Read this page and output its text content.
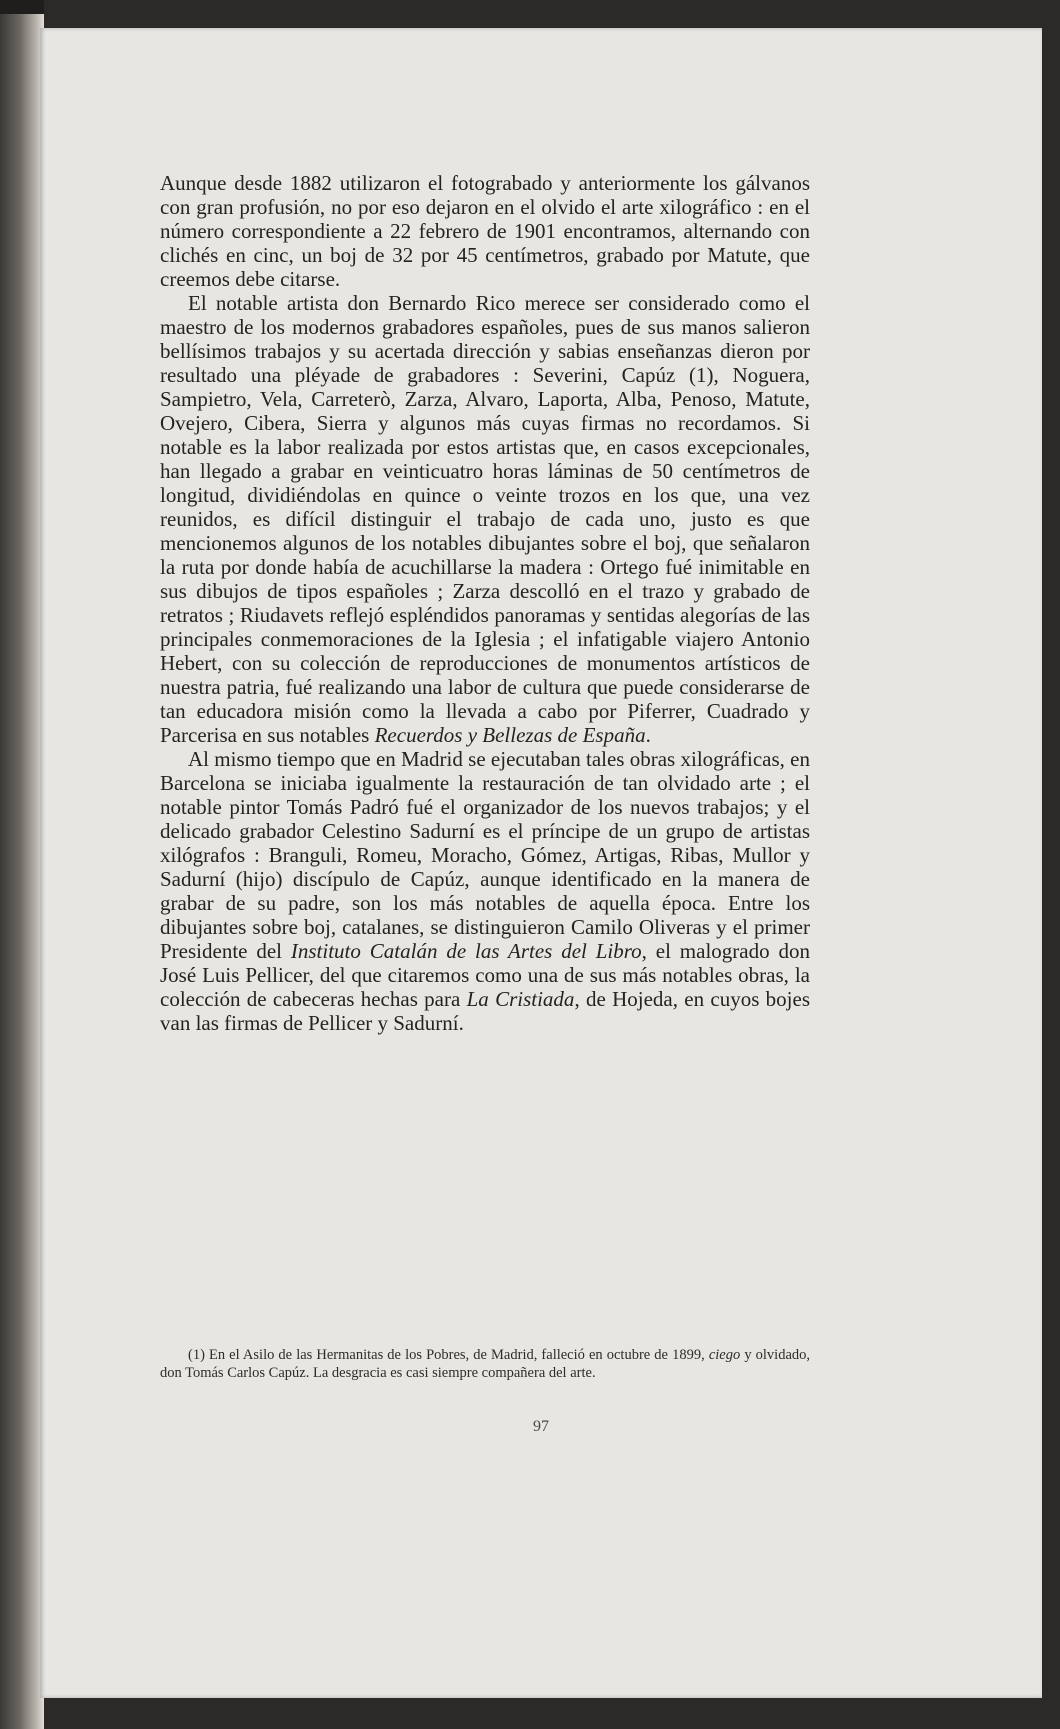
Aunque desde 1882 utilizaron el fotograbado y anteriormente los gálvanos con gran profusión, no por eso dejaron en el olvido el arte xilográfico : en el número correspondiente a 22 febrero de 1901 encontramos, alternando con clichés en cinc, un boj de 32 por 45 centímetros, grabado por Matute, que creemos debe citarse.

El notable artista don Bernardo Rico merece ser considerado como el maestro de los modernos grabadores españoles, pues de sus manos salieron bellísimos trabajos y su acertada dirección y sabias enseñanzas dieron por resultado una pléyade de grabadores : Severini, Capúz (1), Noguera, Sampietro, Vela, Carreterò, Zarza, Alvaro, Laporta, Alba, Penoso, Matute, Ovejero, Cibera, Sierra y algunos más cuyas firmas no recordamos. Si notable es la labor realizada por estos artistas que, en casos excepcionales, han llegado a grabar en veinticuatro horas láminas de 50 centímetros de longitud, dividiéndolas en quince o veinte trozos en los que, una vez reunidos, es difícil distinguir el trabajo de cada uno, justo es que mencionemos algunos de los notables dibujantes sobre el boj, que señalaron la ruta por donde había de acuchillarse la madera : Ortego fué inimitable en sus dibujos de tipos españoles ; Zarza descolló en el trazo y grabado de retratos ; Riudavets reflejó espléndidos panoramas y sentidas alegorías de las principales conmemoraciones de la Iglesia ; el infatigable viajero Antonio Hebert, con su colección de reproducciones de monumentos artísticos de nuestra patria, fué realizando una labor de cultura que puede considerarse de tan educadora misión como la llevada a cabo por Piferrer, Cuadrado y Parcerisa en sus notables Recuerdos y Bellezas de España.

Al mismo tiempo que en Madrid se ejecutaban tales obras xilográficas, en Barcelona se iniciaba igualmente la restauración de tan olvidado arte ; el notable pintor Tomás Padró fué el organizador de los nuevos trabajos; y el delicado grabador Celestino Sadurní es el príncipe de un grupo de artistas xilógrafos : Branguli, Romeu, Moracho, Gómez, Artigas, Ribas, Mullor y Sadurní (hijo) discípulo de Capúz, aunque identificado en la manera de grabar de su padre, son los más notables de aquella época. Entre los dibujantes sobre boj, catalanes, se distinguieron Camilo Oliveras y el primer Presidente del Instituto Catalán de las Artes del Libro, el malogrado don José Luis Pellicer, del que citaremos como una de sus más notables obras, la colección de cabeceras hechas para La Cristiada, de Hojeda, en cuyos bojes van las firmas de Pellicer y Sadurní.

(1) En el Asilo de las Hermanitas de los Pobres, de Madrid, falleció en octubre de 1899, ciego y olvidado, don Tomás Carlos Capúz. La desgracia es casi siempre compañera del arte.

97
